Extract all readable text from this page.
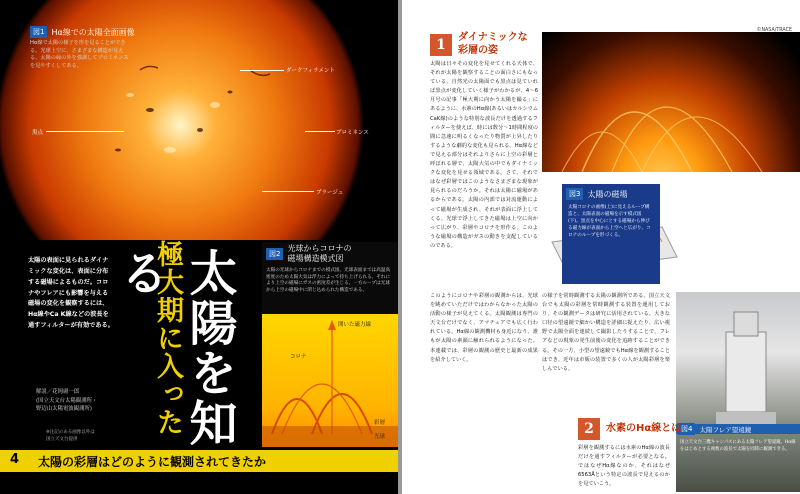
図1 Hα線での太陽全面画像
Hα線で太陽の様子を形を見ることができる。光球上空に、さまざまな構造が見える。太陽の縁の外を強調してプロミネンスを見やすくしてある。
ダークフィラメント
黒点	プロミネンス
プラージュ
太陽の表面に見られるダイナミックな変化は、表面に分布する磁場によるものだ。コロナやフレアにも影響を与える磁場の変化を観察するには、Hα線やCa K線などの波長を通すフィルターが有効である。 極大期に入った
太陽を知る
解説／花岡庸一郎
(国立天文台太陽観測所・
野辺山太陽電波観測所)
※注記のある画像以外は
国立天文台提供
図2
光球からコロナの
磁場構造模式図
太陽の光球からコロナまでの模式図。光球表面までは高温高密度のため太陽大気は浮力によって持ち上げられる。それにより上空の磁場にガスの密度差が生じる。一方ループは光球から上空の磁場中に閉じ込められた構造である。
コロナ
開いた磁力線
彩層
光球
4 太陽の彩層はどのように観測されてきたか
©NASA/TRACE
1	ダイナミックな
彩層の姿
太陽は日々その変化を見せてくれる天体で、それが太陽を観察することの面白さにもなっている。自然光の太陽面でも黒点は見ていれば黒点が変化していく様子がわかるが、4〜6月号の記事「極大期に向かう太陽を撮る」にあるように、水素のHα線(あるいはカルシウムCaK線)のような特別な波長だけを透過するフィルターを使えば、時には数分〜1時間程度の間に急速に明るくなったり物質が上昇したりするような劇的な変化も見られる。Hα線などで見える部分はそれよりさらに上空の彩層と呼ばれる層で、太陽大気の中でもダイナミックな変化を見せる領域である。さて、それではなぜ彩層ではこのようなさまざまな現象が見られるのだろうか。それは太陽に磁場があるからである。太陽の内部では対流運動によって磁場が生成され、それが表面に浮上してくる。光球で浮上してきた磁場は上空に向かって広がり、彩層やコロナを形作る。このような磁場の構造がガスの動きを支配しているのである。
このようにコロナや彩層の観測からは、光球を眺めていただけではわからなかった太陽の活動の様子が見えてくる。太陽観測は専門の天文台だけでなく、アマチュアでも広く行われている。Hα線の観測機材も身近になり、誰もが太陽の素顔に触れられるようになった。本連載では、彩層の観測の歴史と最新の成果を紹介していく。
図3 太陽の磁場
太陽コロナの画像(上)に見えるループ構造と、太陽表面の磁場を示す模式図(下)。黒点を中心にとする磁場から伸びる磁力線が表面から上空へと広がり、コロナのループを形づくる。
の様子を常時観測する太陽の観測所である。国立天文台でも太陽の彩層を常時観測する装置を運用しており、その観測データは研究に活用されている。大きな口径の望遠鏡で細かい構造を詳細に捉えたり、広い視野で太陽全面を連続して撮影したりすることで、フレアなどの現象の発生前後の変化を追跡することができる。その一方、小型の望遠鏡でもHα線を観測することはでき、近年は市販の装置で多くの人が太陽彩層を楽しんでいる。
図4	太陽フレア望遠鏡
国立天文台三鷹キャンパスにある太陽フレア望遠鏡。Hα線をはじめとする複数の波長で太陽を同時に観測できる。
2	水素のHα線とは
彩層を観測するには水素のHα線の波長だけを通すフィルターが必要となる。ではなぜHα線なのか、それはなぜ6563Åという特定の波長で見えるのかを見ていこう。
